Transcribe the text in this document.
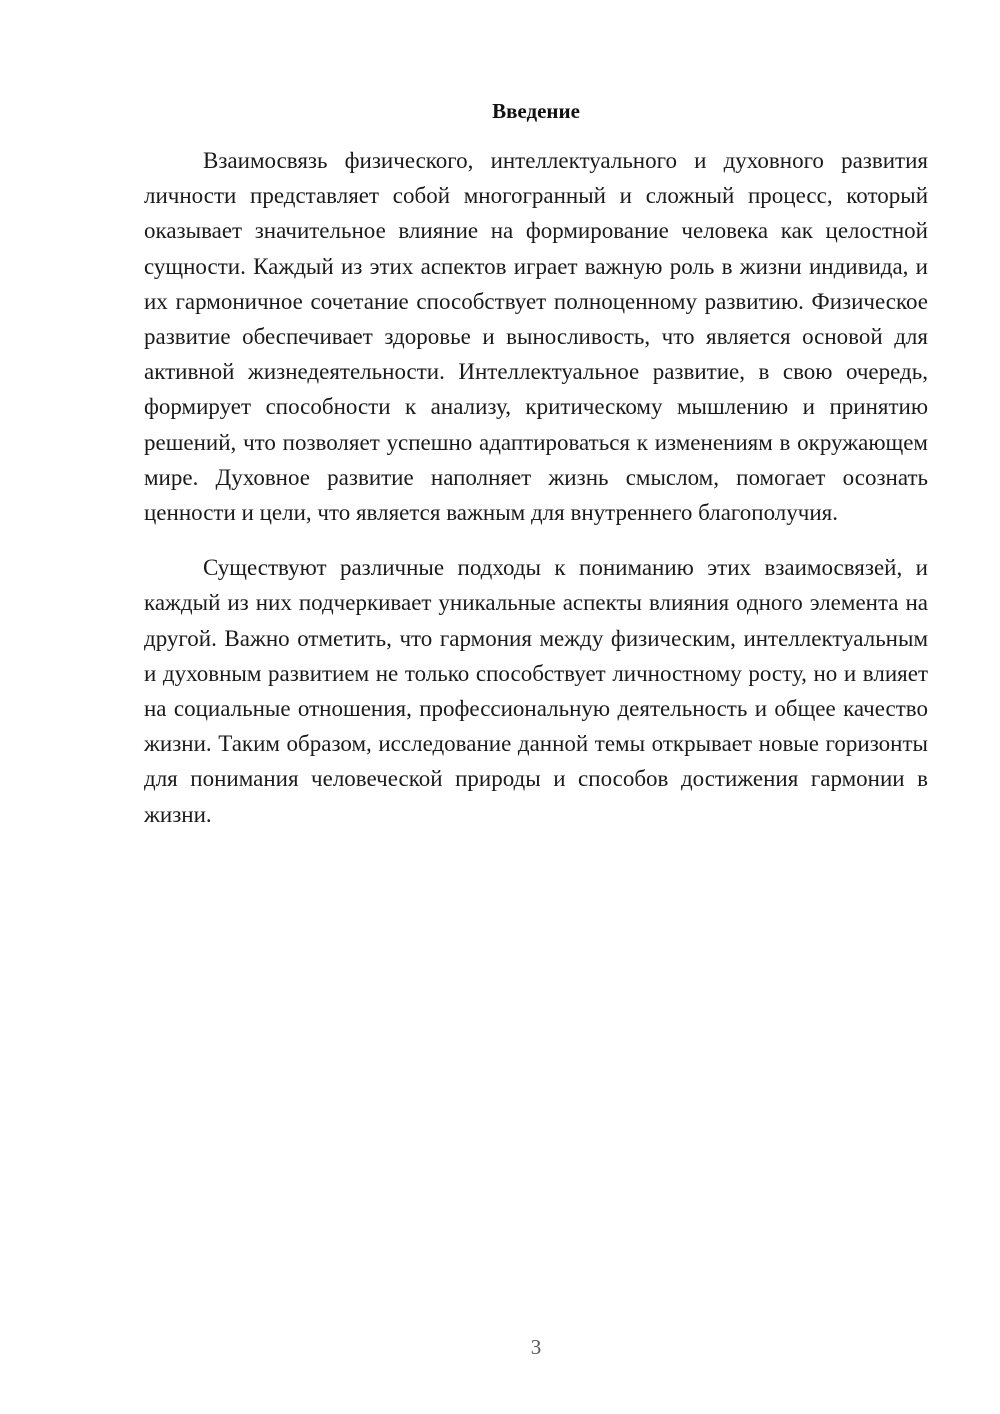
Введение

Взаимосвязь физического, интеллектуального и духовного развития личности представляет собой многогранный и сложный процесс, который оказывает значительное влияние на формирование человека как целостной сущности. Каждый из этих аспектов играет важную роль в жизни индивида, и их гармоничное сочетание способствует полноценному развитию. Физическое развитие обеспечивает здоровье и выносливость, что является основой для активной жизнедеятельности. Интеллектуальное развитие, в свою очередь, формирует способности к анализу, критическому мышлению и принятию решений, что позволяет успешно адаптироваться к изменениям в окружающем мире. Духовное развитие наполняет жизнь смыслом, помогает осознать ценности и цели, что является важным для внутреннего благополучия.

Существуют различные подходы к пониманию этих взаимосвязей, и каждый из них подчеркивает уникальные аспекты влияния одного элемента на другой. Важно отметить, что гармония между физическим, интеллектуальным и духовным развитием не только способствует личностному росту, но и влияет на социальные отношения, профессиональную деятельность и общее качество жизни. Таким образом, исследование данной темы открывает новые горизонты для понимания человеческой природы и способов достижения гармонии в жизни.

3
